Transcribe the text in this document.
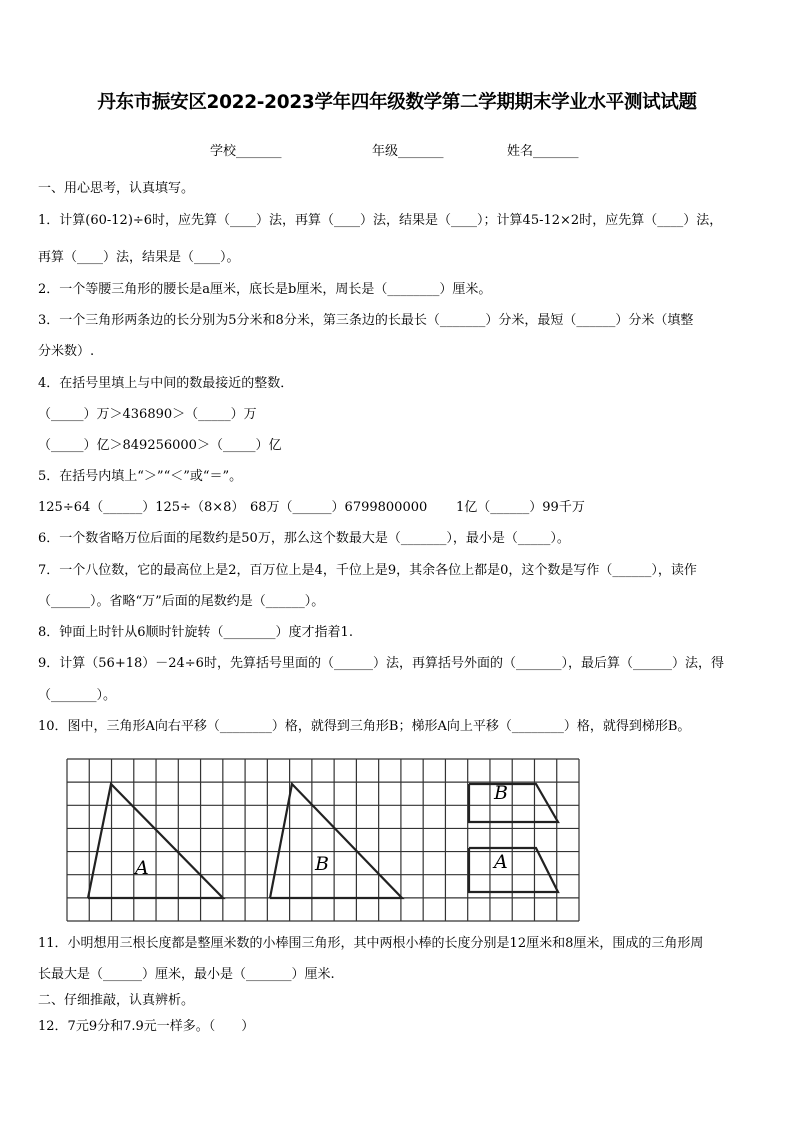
丹东市振安区2022-2023学年四年级数学第二学期期末学业水平测试试题
学校_______	年级_______	姓名_______
一、用心思考，认真填写。
1．计算(60-12)÷6时，应先算（____）法，再算（____）法，结果是（____）；计算45-12×2时，应先算（____）法，
再算（____）法，结果是（____）。
2．一个等腰三角形的腰长是a厘米，底长是b厘米，周长是（________）厘米。
3．一个三角形两条边的长分别为5分米和8分米，第三条边的长最长（_______）分米，最短（______）分米（填整
分米数）.
4．在括号里填上与中间的数最接近的整数．
（_____）万＞436890＞（_____）万
（_____）亿＞849256000＞（_____）亿
5．在括号内填上“＞”“＜”或“＝”。
125÷64（______）125÷（8×8） 68万（______）6799800000	1亿（______）99千万
6．一个数省略万位后面的尾数约是50万，那么这个数最大是（_______），最小是（_____）。
7．一个八位数，它的最高位上是2，百万位上是4，千位上是9，其余各位上都是0，这个数是写作（______），读作
（______）。省略“万”后面的尾数约是（______）。
8．钟面上时针从6顺时针旋转（________）度才指着1.
9．计算（56+18）－24÷6时，先算括号里面的（______）法，再算括号外面的（_______），最后算（______）法，得
（_______）。
10．图中，三角形A向右平移（________）格，就得到三角形B；梯形A向上平移（________）格，就得到梯形B。
A	B
B
A
11．小明想用三根长度都是整厘米数的小棒围三角形，其中两根小棒的长度分别是12厘米和8厘米，围成的三角形周
长最大是（______）厘米，最小是（_______）厘米.
二、仔细推敲，认真辨析。
12．7元9分和7.9元一样多。（　　）
